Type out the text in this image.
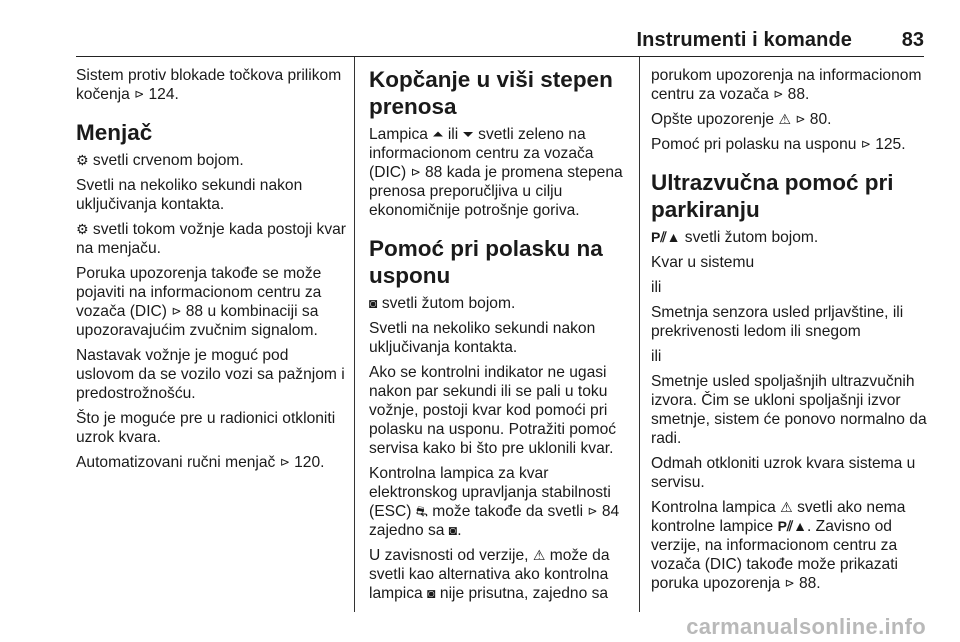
Instrumenti i komande 83

Sistem protiv blokade točkova prilikom kočenja ⊳ 124.

Menjač

⚙ svetli crvenom bojom.

Svetli na nekoliko sekundi nakon uključivanja kontakta.

⚙ svetli tokom vožnje kada postoji kvar na menjaču.

Poruka upozorenja takođe se može pojaviti na informacionom centru za vozača (DIC) ⊳ 88 u kombinaciji sa upozoravajućim zvučnim signalom.

Nastavak vožnje je moguć pod uslovom da se vozilo vozi sa pažnjom i predostrožnošću.

Što je moguće pre u radionici otkloniti uzrok kvara.

Automatizovani ručni menjač ⊳ 120.

Kopčanje u viši stepen prenosa

Lampica ⏶ ili ⏷ svetli zeleno na informacionom centru za vozača (DIC) ⊳ 88 kada je promena stepena prenosa preporučljiva u cilju ekonomičnije potrošnje goriva.

Pomoć pri polasku na usponu

◙ svetli žutom bojom.

Svetli na nekoliko sekundi nakon uključivanja kontakta.

Ako se kontrolni indikator ne ugasi nakon par sekundi ili se pali u toku vožnje, postoji kvar kod pomoći pri polasku na usponu. Potražiti pomoć servisa kako bi što pre uklonili kvar.

Kontrolna lampica za kvar elektronskog upravljanja stabilnosti (ESC) ⛐ može takođe da svetli ⊳ 84 zajedno sa ◙.

U zavisnosti od verzije, ⚠ može da svetli kao alternativa ako kontrolna lampica ◙ nije prisutna, zajedno sa

porukom upozorenja na informacionom centru za vozača ⊳ 88.

Opšte upozorenje ⚠ ⊳ 80.

Pomoć pri polasku na usponu ⊳ 125.

Ultrazvučna pomoć pri parkiranju

P⫽▲ svetli žutom bojom.

Kvar u sistemu

ili

Smetnja senzora usled prljavštine, ili prekrivenosti ledom ili snegom

ili

Smetnje usled spoljašnjih ultrazvučnih izvora. Čim se ukloni spoljašnji izvor smetnje, sistem će ponovo normalno da radi.

Odmah otkloniti uzrok kvara sistema u servisu.

Kontrolna lampica ⚠ svetli ako nema kontrolne lampice P⫽▲. Zavisno od verzije, na informacionom centru za vozača (DIC) takođe može prikazati poruka upozorenja ⊳ 88.

carmanualsonline.info
